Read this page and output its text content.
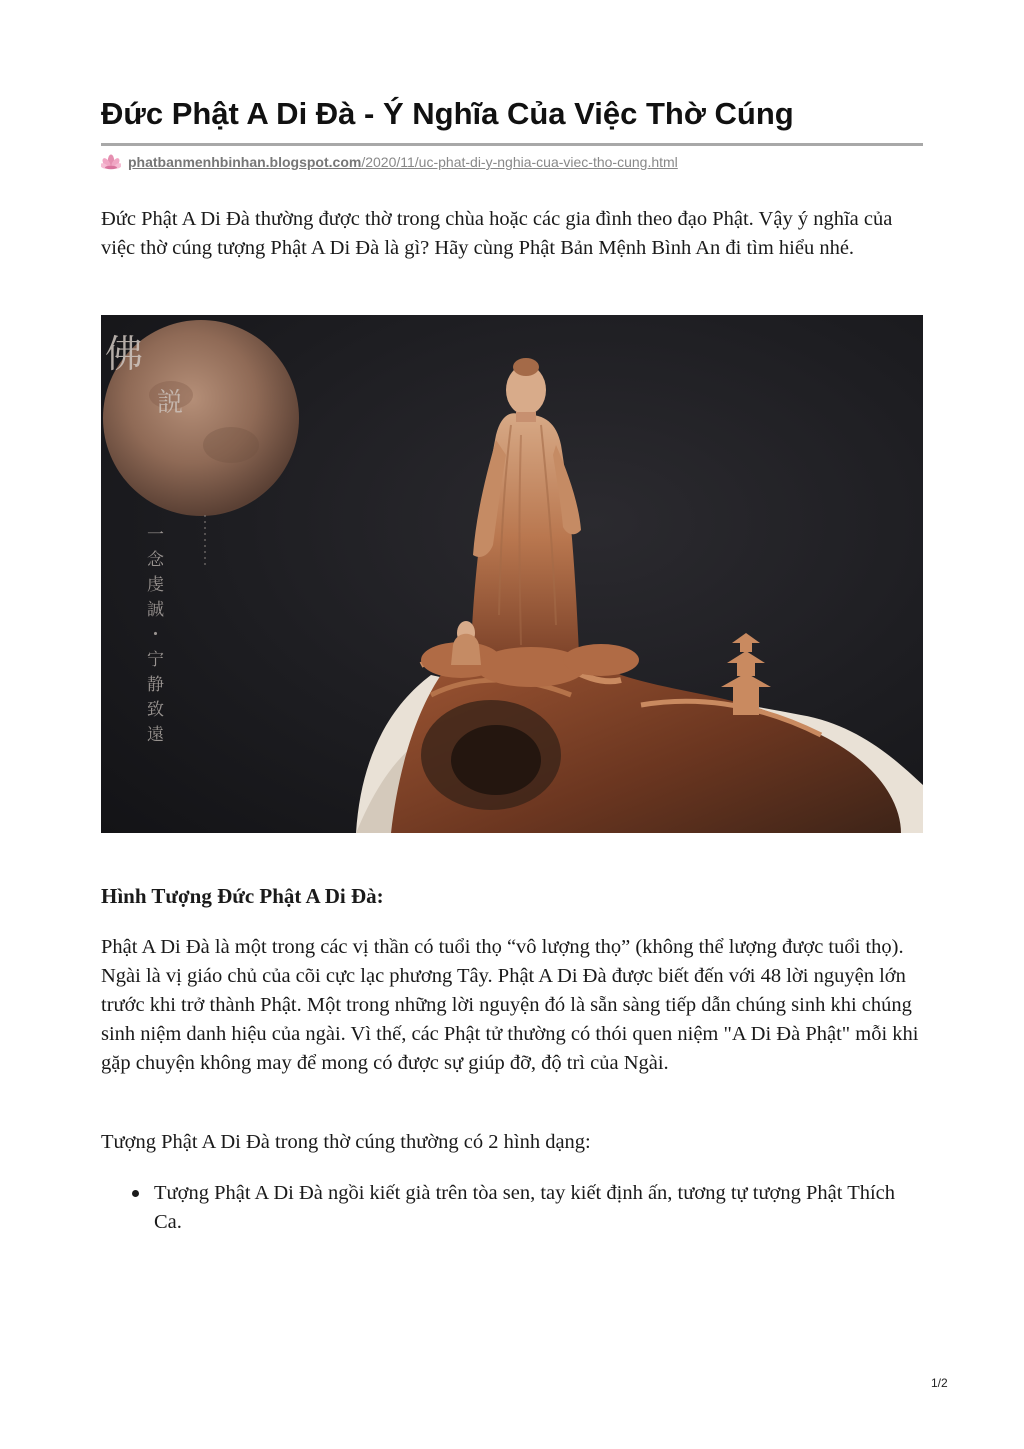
Đức Phật A Di Đà - Ý Nghĩa Của Việc Thờ Cúng
phatbanmenhbinhan.blogspot.com /2020/11/uc-phat-di-y-nghia-cua-viec-tho-cung.html

Đức Phật A Di Đà thường được thờ trong chùa hoặc các gia đình theo đạo Phật. Vậy ý nghĩa của việc thờ cúng tượng Phật A Di Đà là gì? Hãy cùng Phật Bản Mệnh Bình An đi tìm hiểu nhé.

佛
説
一念虔誠・宁静致遠

Hình Tượng Đức Phật A Di Đà:

Phật A Di Đà là một trong các vị thần có tuổi thọ “vô lượng thọ” (không thể lượng được tuổi thọ). Ngài là vị giáo chủ của cõi cực lạc phương Tây. Phật A Di Đà được biết đến với 48 lời nguyện lớn trước khi trở thành Phật. Một trong những lời nguyện đó là sẵn sàng tiếp dẫn chúng sinh khi chúng sinh niệm danh hiệu của ngài. Vì thế, các Phật tử thường có thói quen niệm "A Di Đà Phật" mỗi khi gặp chuyện không may để mong có được sự giúp đỡ, độ trì của Ngài.

Tượng Phật A Di Đà trong thờ cúng thường có 2 hình dạng:

Tượng Phật A Di Đà ngồi kiết già trên tòa sen, tay kiết định ấn, tương tự tượng Phật Thích Ca.
1/2
